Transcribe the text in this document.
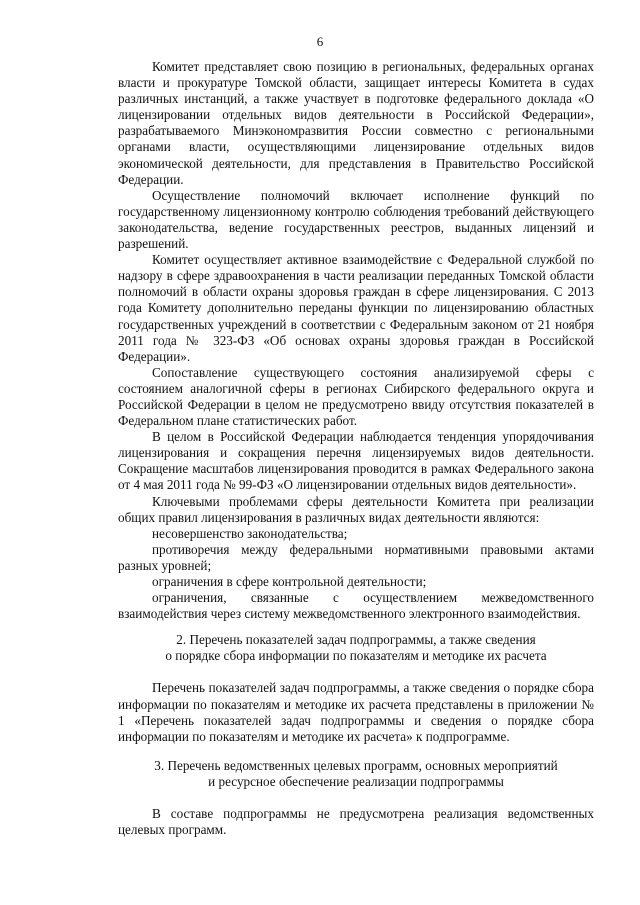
6

Комитет представляет свою позицию в региональных, федеральных органах власти и прокуратуре Томской области, защищает интересы Комитета в судах различных инстанций, а также участвует в подготовке федерального доклада «О лицензировании отдельных видов деятельности в Российской Федерации», разрабатываемого Минэкономразвития России совместно с региональными органами власти, осуществляющими лицензирование отдельных видов экономической деятельности, для представления в Правительство Российской Федерации.

Осуществление полномочий включает исполнение функций по государственному лицензионному контролю соблюдения требований действующего законодательства, ведение государственных реестров, выданных лицензий и разрешений.

Комитет осуществляет активное взаимодействие с Федеральной службой по надзору в сфере здравоохранения в части реализации переданных Томской области полномочий в области охраны здоровья граждан в сфере лицензирования. С 2013 года Комитету дополнительно переданы функции по лицензированию областных государственных учреждений в соответствии с Федеральным законом от 21 ноября 2011 года № 323-ФЗ «Об основах охраны здоровья граждан в Российской Федерации».

Сопоставление существующего состояния анализируемой сферы с состоянием аналогичной сферы в регионах Сибирского федерального округа и Российской Федерации в целом не предусмотрено ввиду отсутствия показателей в Федеральном плане статистических работ.

В целом в Российской Федерации наблюдается тенденция упорядочивания лицензирования и сокращения перечня лицензируемых видов деятельности. Сокращение масштабов лицензирования проводится в рамках Федерального закона от 4 мая 2011 года № 99-ФЗ «О лицензировании отдельных видов деятельности».

Ключевыми проблемами сферы деятельности Комитета при реализации общих правил лицензирования в различных видах деятельности являются:

несовершенство законодательства;

противоречия между федеральными нормативными правовыми актами разных уровней;

ограничения в сфере контрольной деятельности;

ограничения, связанные с осуществлением межведомственного взаимодействия через систему межведомственного электронного взаимодействия.

2. Перечень показателей задач подпрограммы, а также сведения

о порядке сбора информации по показателям и методике их расчета

Перечень показателей задач подпрограммы, а также сведения о порядке сбора информации по показателям и методике их расчета представлены в приложении № 1 «Перечень показателей задач подпрограммы и сведения о порядке сбора информации по показателям и методике их расчета» к подпрограмме.

3. Перечень ведомственных целевых программ, основных мероприятий

и ресурсное обеспечение реализации подпрограммы

В составе подпрограммы не предусмотрена реализация ведомственных целевых программ.
